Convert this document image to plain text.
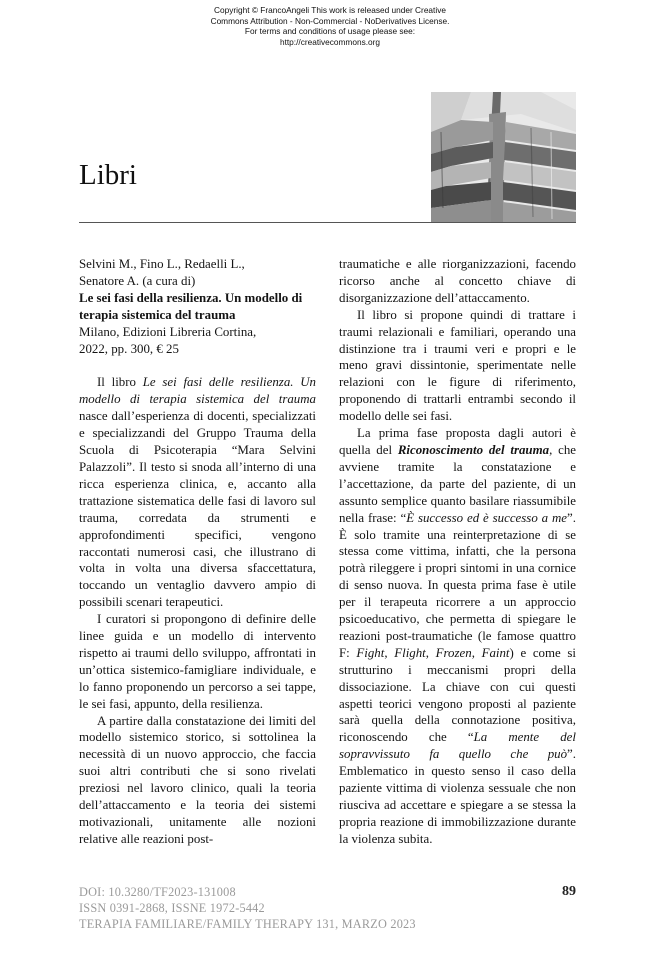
Copyright © FrancoAngeli This work is released under Creative
Commons Attribution - Non-Commercial - NoDerivatives License.
For terms and conditions of usage please see:
http://creativecommons.org
Libri

Selvini M., Fino L., Redaelli L.,
Senatore A. (a cura di)
Le sei fasi della resilienza. Un modello di terapia sistemica del trauma
Milano, Edizioni Libreria Cortina,
2022, pp. 300, € 25

Il libro Le sei fasi delle resilienza. Un modello di terapia sistemica del trauma nasce dall’esperienza di docenti, specializzati e specializzandi del Gruppo Trauma della Scuola di Psicoterapia “Mara Selvini Palazzoli”. Il testo si snoda all’interno di una ricca esperienza clinica, e, accanto alla trattazione sistematica delle fasi di lavoro sul trauma, corredata da strumenti e approfondimenti specifici, vengono raccontati numerosi casi, che illustrano di volta in volta una diversa sfaccettatura, toccando un ventaglio davvero ampio di possibili scenari terapeutici.

I curatori si propongono di definire delle linee guida e un modello di intervento rispetto ai traumi dello sviluppo, affrontati in un’ottica sistemico-famigliare individuale, e lo fanno proponendo un percorso a sei tappe, le sei fasi, appunto, della resilienza.

A partire dalla constatazione dei limiti del modello sistemico storico, si sottolinea la necessità di un nuovo approccio, che faccia suoi altri contributi che si sono rivelati preziosi nel lavoro clinico, quali la teoria dell’attaccamento e la teoria dei sistemi motivazionali, unitamente alle nozioni relative alle reazioni post-

traumatiche e alle riorganizzazioni, facendo ricorso anche al concetto chiave di disorganizzazione dell’attaccamento.

Il libro si propone quindi di trattare i traumi relazionali e familiari, operando una distinzione tra i traumi veri e propri e le meno gravi dissintonie, sperimentate nelle relazioni con le figure di riferimento, proponendo di trattarli entrambi secondo il modello delle sei fasi.

La prima fase proposta dagli autori è quella del Riconoscimento del trauma, che avviene tramite la constatazione e l’accettazione, da parte del paziente, di un assunto semplice quanto basilare riassumibile nella frase: “È successo ed è successo a me”. È solo tramite una reinterpretazione di se stessa come vittima, infatti, che la persona potrà rileggere i propri sintomi in una cornice di senso nuova. In questa prima fase è utile per il terapeuta ricorrere a un approccio psicoeducativo, che permetta di spiegare le reazioni post-traumatiche (le famose quattro F: Fight, Flight, Frozen, Faint) e come si strutturino i meccanismi propri della dissociazione. La chiave con cui questi aspetti teorici vengono proposti al paziente sarà quella della connotazione positiva, riconoscendo che “La mente del sopravvissuto fa quello che può”. Emblematico in questo senso il caso della paziente vittima di violenza sessuale che non riusciva ad accettare e spiegare a se stessa la propria reazione di immobilizzazione durante la violenza subita.

DOI: 10.3280/TF2023-131008
ISSN 0391-2868, ISSNE 1972-5442
TERAPIA FAMILIARE/FAMILY THERAPY 131, MARZO 2023
89
